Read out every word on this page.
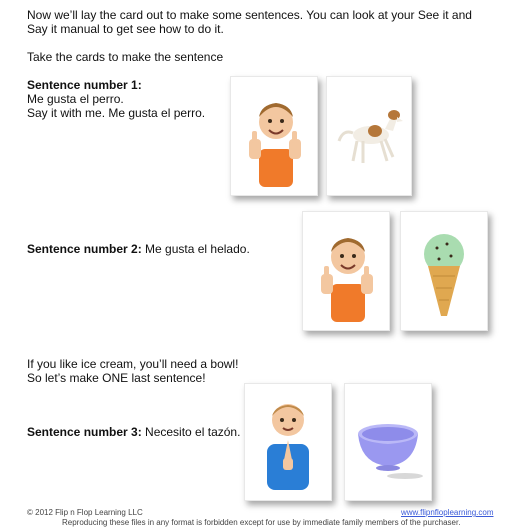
Now we’ll lay the card out to make some sentences. You can look at your See it and
Say it manual to get see how to do it.
Take the cards to make the sentence
Sentence number 1:
Me gusta el perro.
Say it with me. Me gusta el perro.
Sentence number 2: Me gusta el helado.
If you like ice cream, you’ll need a bowl!
So let’s make ONE last sentence!
Sentence number 3: Necesito el tazón.
© 2012 Flip n Flop Learning LLC	www.flipnfloplearning.com
Reproducing these files in any format is forbidden except for use by immediate family members of the purchaser.
